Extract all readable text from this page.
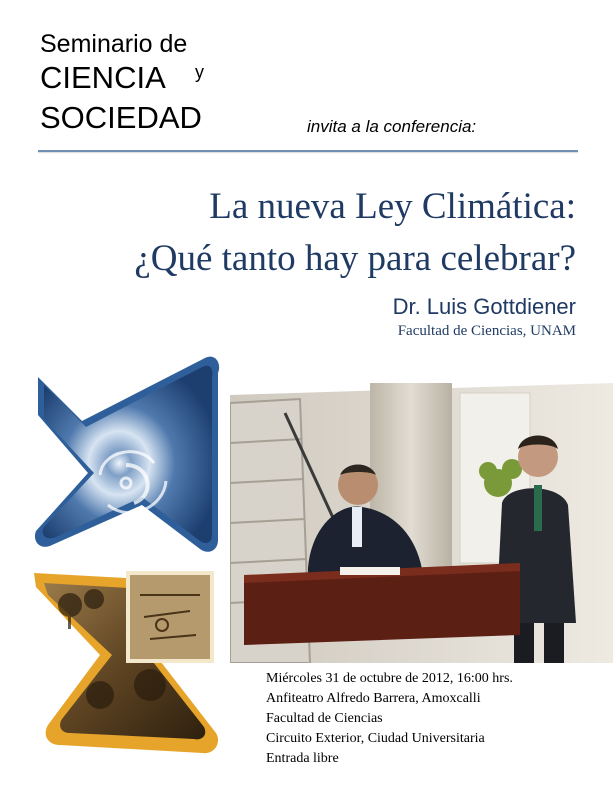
Seminario de
CIENCIA y
SOCIEDAD	invita a la conferencia:
La nueva Ley Climática:
¿Qué tanto hay para celebrar?
Dr. Luis Gottdiener
Facultad de Ciencias, UNAM
Miércoles 31 de octubre de 2012, 16:00 hrs.
Anfiteatro Alfredo Barrera, Amoxcalli
Facultad de Ciencias
Circuito Exterior, Ciudad Universitaria
Entrada libre
